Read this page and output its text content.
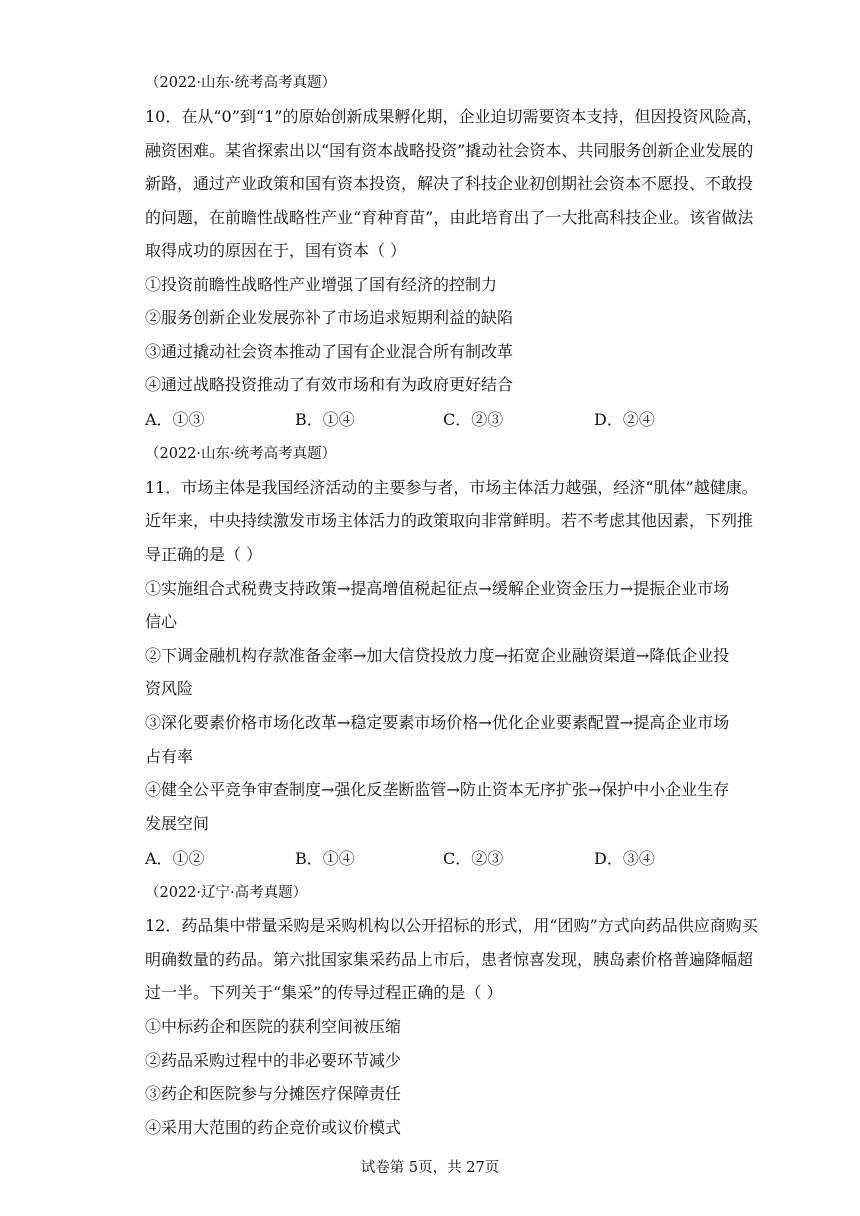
（2022·山东·统考高考真题）
10．在从“0”到“1”的原始创新成果孵化期，企业迫切需要资本支持，但因投资风险高，
融资困难。某省探索出以“国有资本战略投资”撬动社会资本、共同服务创新企业发展的
新路，通过产业政策和国有资本投资，解决了科技企业初创期社会资本不愿投、不敢投
的问题，在前瞻性战略性产业“育种育苗”，由此培育出了一大批高科技企业。该省做法
取得成功的原因在于，国有资本（ ）
①投资前瞻性战略性产业增强了国有经济的控制力
②服务创新企业发展弥补了市场追求短期利益的缺陷
③通过撬动社会资本推动了国有企业混合所有制改革
④通过战略投资推动了有效市场和有为政府更好结合
A．①③	B．①④	C．②③	D．②④
（2022·山东·统考高考真题）
11．市场主体是我国经济活动的主要参与者，市场主体活力越强，经济“肌体”越健康。
近年来，中央持续激发市场主体活力的政策取向非常鲜明。若不考虑其他因素，下列推
导正确的是（ ）
①实施组合式税费支持政策→提高增值税起征点→缓解企业资金压力→提振企业市场
信心
②下调金融机构存款准备金率→加大信贷投放力度→拓宽企业融资渠道→降低企业投
资风险
③深化要素价格市场化改革→稳定要素市场价格→优化企业要素配置→提高企业市场
占有率
④健全公平竞争审查制度→强化反垄断监管→防止资本无序扩张→保护中小企业生存
发展空间
A．①②	B．①④	C．②③	D．③④
（2022·辽宁·高考真题）
12．药品集中带量采购是采购机构以公开招标的形式，用“团购”方式向药品供应商购买
明确数量的药品。第六批国家集采药品上市后，患者惊喜发现，胰岛素价格普遍降幅超
过一半。下列关于“集采”的传导过程正确的是（ ）
①中标药企和医院的获利空间被压缩
②药品采购过程中的非必要环节减少
③药企和医院参与分摊医疗保障责任
④采用大范围的药企竞价或议价模式
试卷第 5页，共 27页
